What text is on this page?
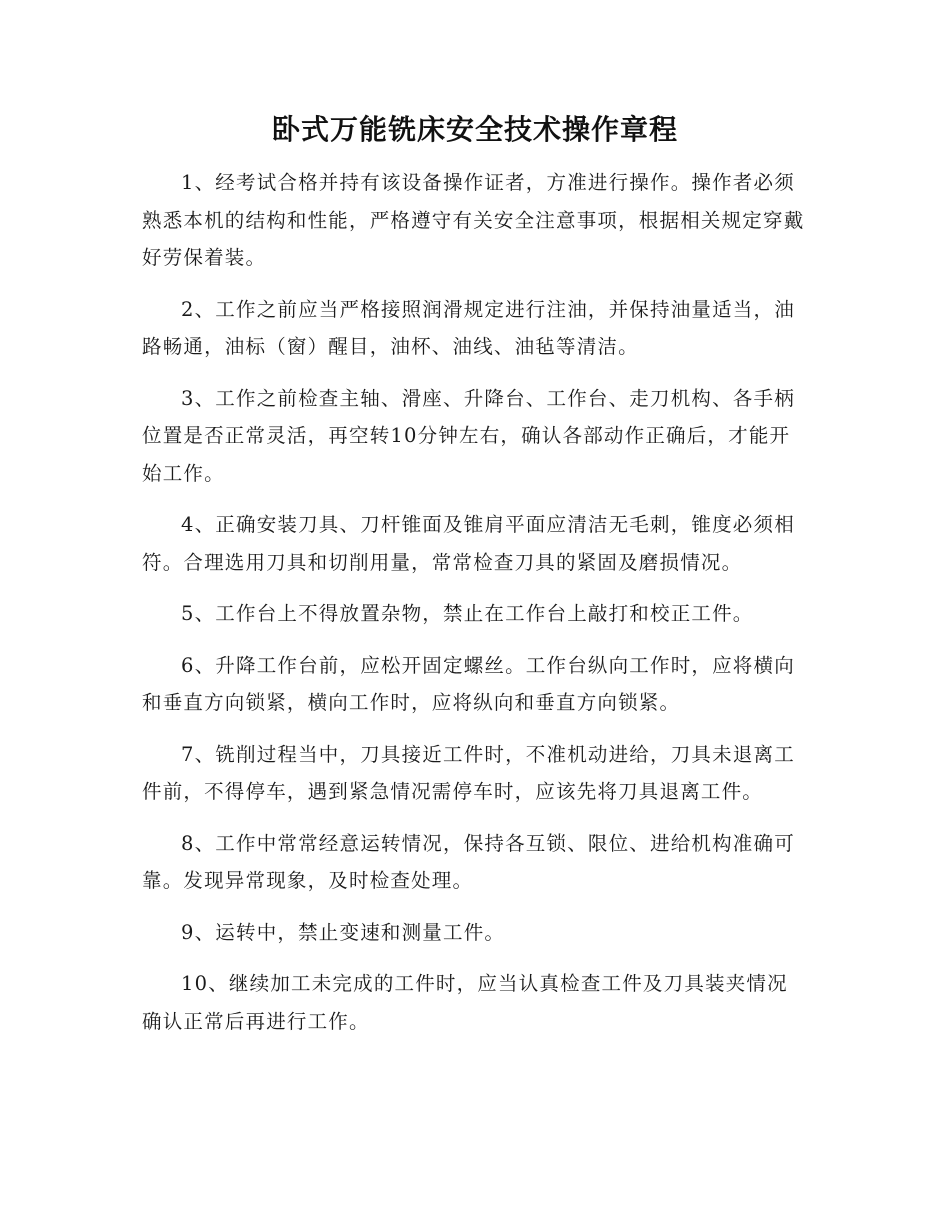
卧式万能铣床安全技术操作章程

1、经考试合格并持有该设备操作证者，方准进行操作。操作者必须熟悉本机的结构和性能，严格遵守有关安全注意事项，根据相关规定穿戴好劳保着装。

2、工作之前应当严格接照润滑规定进行注油，并保持油量适当，油路畅通，油标（窗）醒目，油杯、油线、油毡等清洁。

3、工作之前检查主轴、滑座、升降台、工作台、走刀机构、各手柄位置是否正常灵活，再空转10分钟左右，确认各部动作正确后，才能开始工作。

4、正确安装刀具、刀杆锥面及锥肩平面应清洁无毛刺，锥度必须相符。合理选用刀具和切削用量，常常检查刀具的紧固及磨损情况。

5、工作台上不得放置杂物，禁止在工作台上敲打和校正工件。

6、升降工作台前，应松开固定螺丝。工作台纵向工作时，应将横向和垂直方向锁紧，横向工作时，应将纵向和垂直方向锁紧。

7、铣削过程当中，刀具接近工件时，不准机动进给，刀具未退离工件前，不得停车，遇到紧急情况需停车时，应该先将刀具退离工件。

8、工作中常常经意运转情况，保持各互锁、限位、进给机构准确可靠。发现异常现象，及时检查处理。

9、运转中，禁止变速和测量工件。

10、继续加工未完成的工件时，应当认真检查工件及刀具装夹情况确认正常后再进行工作。
